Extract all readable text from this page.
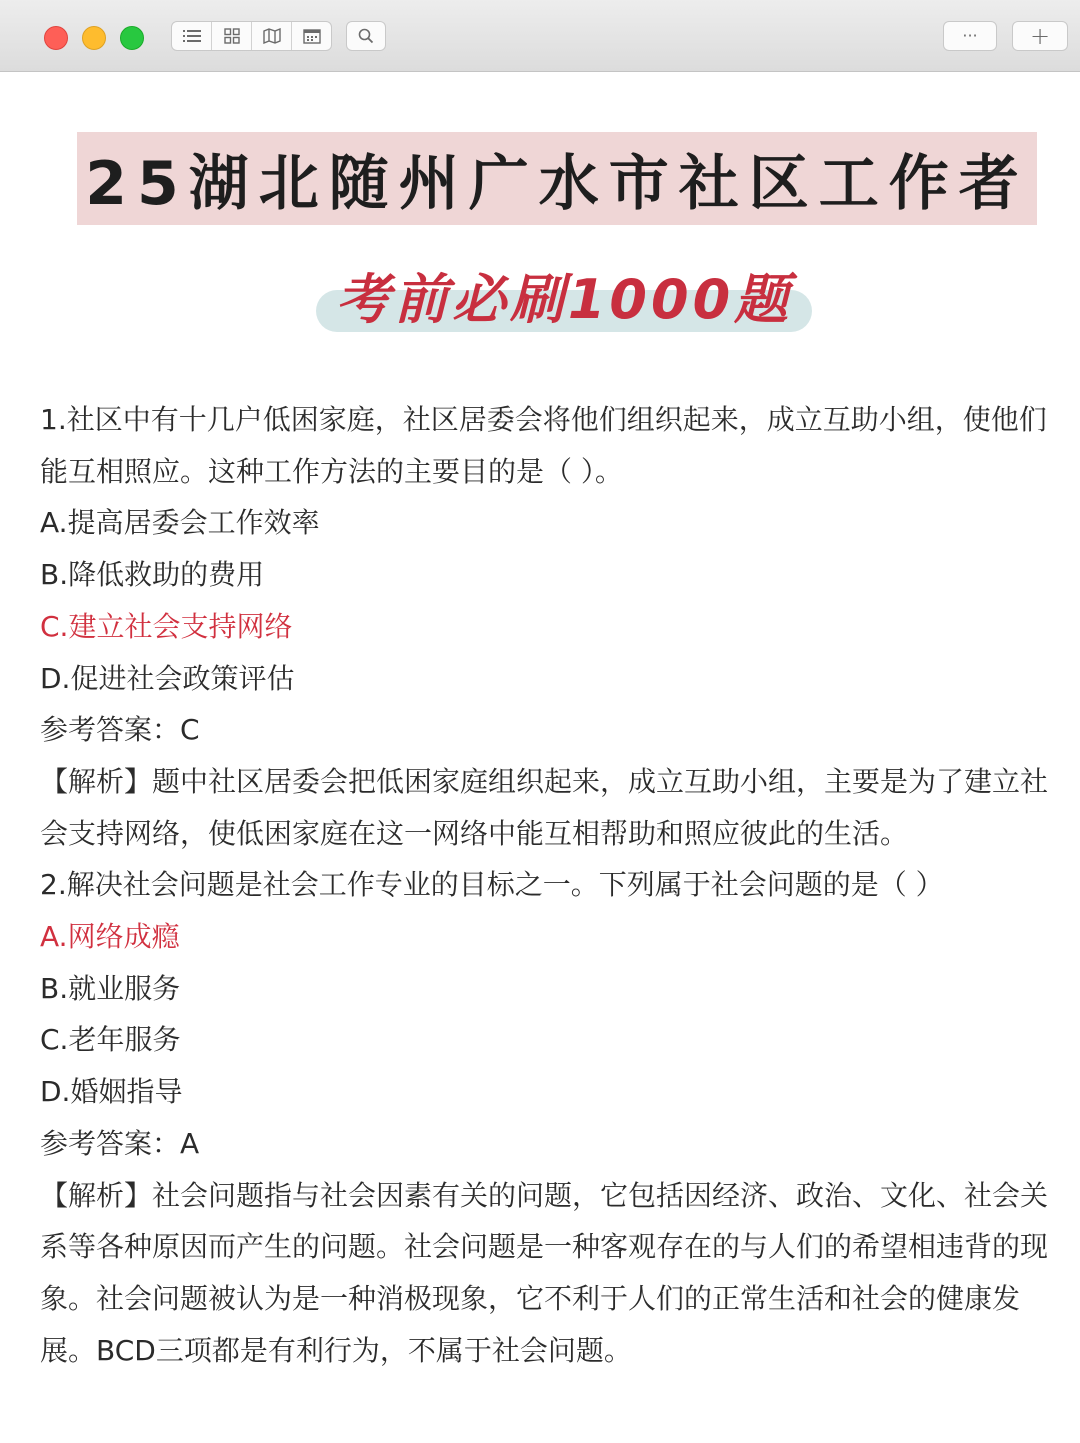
··· +
25湖北随州广水市社区工作者
考前必刷1000题

1.社区中有十几户低困家庭，社区居委会将他们组织起来，成立互助小组，使他们能互相照应。这种工作方法的主要目的是（ ）。

A.提高居委会工作效率

B.降低救助的费用

C.建立社会支持网络

D.促进社会政策评估

参考答案：C

【解析】题中社区居委会把低困家庭组织起来，成立互助小组，主要是为了建立社会支持网络，使低困家庭在这一网络中能互相帮助和照应彼此的生活。

2.解决社会问题是社会工作专业的目标之一。下列属于社会问题的是（ ）

A.网络成瘾

B.就业服务

C.老年服务

D.婚姻指导

参考答案：A

【解析】社会问题指与社会因素有关的问题，它包括因经济、政治、文化、社会关系等各种原因而产生的问题。社会问题是一种客观存在的与人们的希望相违背的现象。社会问题被认为是一种消极现象，它不利于人们的正常生活和社会的健康发展。BCD三项都是有利行为，不属于社会问题。
